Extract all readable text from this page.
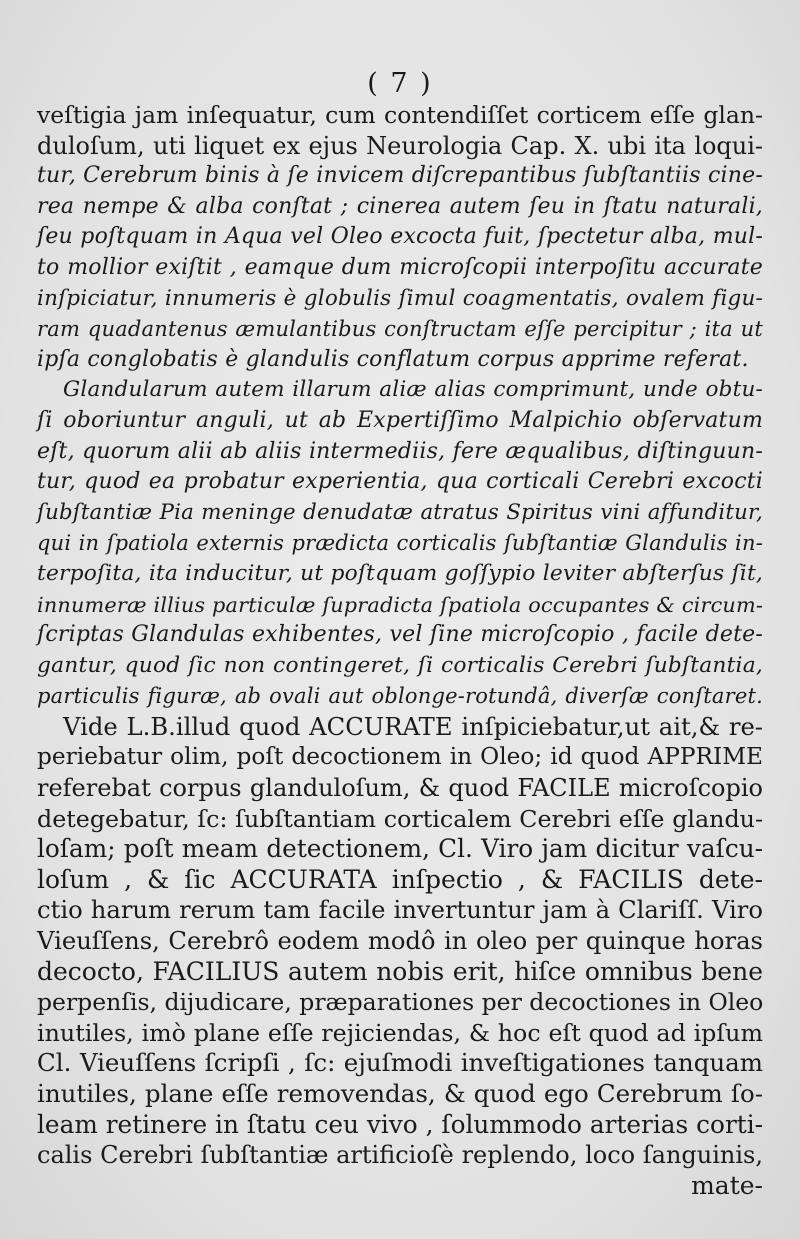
( 7 )
veſtigia jam inſequatur, cum contendiſſet corticem eſſe glan-
duloſum, uti liquet ex ejus Neurologia Cap. X. ubi ita loqui-
tur, Cerebrum binis à ſe invicem diſcrepantibus ſubſtantiis cine-
rea nempe & alba conſtat ; cinerea autem ſeu in ſtatu naturali,
ſeu poſtquam in Aqua vel Oleo excocta fuit, ſpectetur alba, mul-
to mollior exiſtit , eamque dum microſcopii interpoſitu accurate
inſpiciatur, innumeris è globulis ſimul coagmentatis, ovalem figu-
ram quadantenus æmulantibus conſtructam eſſe percipitur ; ita ut
ipſa conglobatis è glandulis conflatum corpus apprime referat.
Glandularum autem illarum aliæ alias comprimunt, unde obtu-
ſi oboriuntur anguli, ut ab Expertiſſimo Malpichio obſervatum
eſt, quorum alii ab aliis intermediis, fere æqualibus, diſtinguun-
tur, quod ea probatur experientia, qua corticali Cerebri excocti
ſubſtantiæ Pia meninge denudatæ atratus Spiritus vini affunditur,
qui in ſpatiola externis prædicta corticalis ſubſtantiæ Glandulis in-
terpoſita, ita inducitur, ut poſtquam goſſypio leviter abſterſus ſit,
innumeræ illius particulæ ſupradicta ſpatiola occupantes & circum-
ſcriptas Glandulas exhibentes, vel ſine microſcopio , facile dete-
gantur, quod ſic non contingeret, ſi corticalis Cerebri ſubſtantia,
particulis figuræ, ab ovali aut oblonge-rotundâ, diverſæ conſtaret.
Vide L.B.illud quod ACCURATE inſpiciebatur,ut ait,& re-
periebatur olim, poſt decoctionem in Oleo; id quod APPRIME
referebat corpus glanduloſum, & quod FACILE microſcopio
detegebatur, ſc: ſubſtantiam corticalem Cerebri eſſe glandu-
loſam; poſt meam detectionem, Cl. Viro jam dicitur vaſcu-
loſum , & ſic ACCURATA inſpectio , & FACILIS dete-
ctio harum rerum tam facile invertuntur jam à Clariſſ. Viro
Vieuſſens, Cerebrô eodem modô in oleo per quinque horas
decocto, FACILIUS autem nobis erit, hiſce omnibus bene
perpenſis, dijudicare, præparationes per decoctiones in Oleo
inutiles, imò plane eſſe rejiciendas, & hoc eſt quod ad ipſum
Cl. Vieuſſens ſcripſi , ſc: ejuſmodi inveſtigationes tanquam
inutiles, plane eſſe removendas, & quod ego Cerebrum ſo-
leam retinere in ſtatu ceu vivo , ſolummodo arterias corti-
calis Cerebri ſubſtantiæ artificioſè replendo, loco ſanguinis,
mate-
